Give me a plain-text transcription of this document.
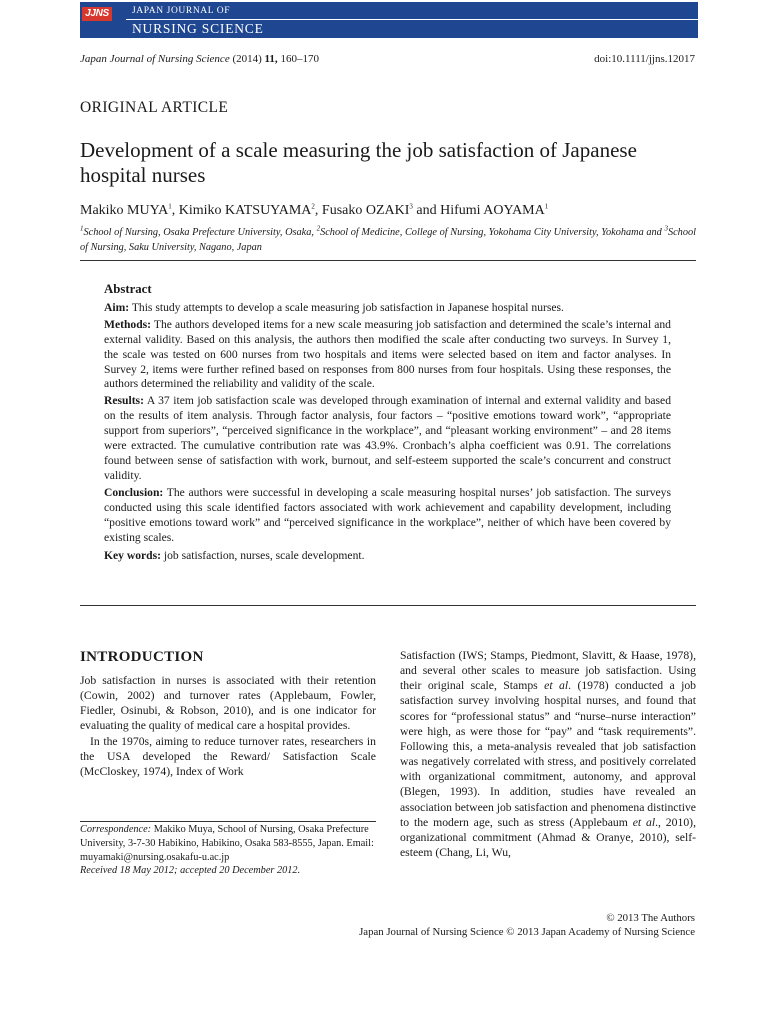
JJNS	JAPAN JOURNAL OF
NURSING SCIENCE
Japan Journal of Nursing Science (2014) 11, 160–170	doi:10.1111/jjns.12017
ORIGINAL ARTICLE
Development of a scale measuring the job satisfaction of Japanese hospital nurses
Makiko MUYA$^1$, Kimiko KATSUYAMA$^2$, Fusako OZAKI$^3$ and Hifumi AOYAMA$^1$
$^1$School of Nursing, Osaka Prefecture University, Osaka, $^2$School of Medicine, College of Nursing, Yokohama City University, Yokohama and $^3$School of Nursing, Saku University, Nagano, Japan
Abstract

Aim: This study attempts to develop a scale measuring job satisfaction in Japanese hospital nurses.

Methods: The authors developed items for a new scale measuring job satisfaction and determined the scale’s internal and external validity. Based on this analysis, the authors then modified the scale after conducting two surveys. In Survey 1, the scale was tested on 600 nurses from two hospitals and items were selected based on item and factor analyses. In Survey 2, items were further refined based on responses from 800 nurses from four hospitals. Using these responses, the authors determined the reliability and validity of the scale.

Results: A 37 item job satisfaction scale was developed through examination of internal and external validity and based on the results of item analysis. Through factor analysis, four factors – “positive emotions toward work”, “appropriate support from superiors”, “perceived significance in the workplace”, and “pleasant working environment” – and 28 items were extracted. The cumulative contribution rate was 43.9%. Cronbach’s alpha coefficient was 0.91. The correlations found between sense of satisfaction with work, burnout, and self-esteem supported the scale’s concurrent and construct validity.

Conclusion: The authors were successful in developing a scale measuring hospital nurses’ job satisfaction. The surveys conducted using this scale identified factors associated with work achievement and capability development, including “positive emotions toward work” and “perceived significance in the workplace”, neither of which have been covered by existing scales.

Key words: job satisfaction, nurses, scale development.

INTRODUCTION

Job satisfaction in nurses is associated with their retention (Cowin, 2002) and turnover rates (Applebaum, Fowler, Fiedler, Osinubi, & Robson, 2010), and is one indicator for evaluating the quality of medical care a hospital provides.

In the 1970s, aiming to reduce turnover rates, researchers in the USA developed the Reward/ Satisfaction Scale (McCloskey, 1974), Index of Work

Satisfaction (IWS; Stamps, Piedmont, Slavitt, & Haase, 1978), and several other scales to measure job satisfaction. Using their original scale, Stamps et al. (1978) conducted a job satisfaction survey involving hospital nurses, and found that scores for “professional status” and “nurse–nurse interaction” were high, as were those for “pay” and “task requirements”. Following this, a meta-analysis revealed that job satisfaction was negatively correlated with stress, and positively correlated with organizational commitment, autonomy, and approval (Blegen, 1993). In addition, studies have revealed an association between job satisfaction and phenomena distinctive to the modern age, such as stress (Applebaum et al., 2010), organizational commitment (Ahmad & Oranye, 2010), self-esteem (Chang, Li, Wu,

Correspondence: Makiko Muya, School of Nursing, Osaka Prefecture University, 3-7-30 Habikino, Habikino, Osaka 583-8555, Japan. Email: muyamaki@nursing.osakafu-u.ac.jp

Received 18 May 2012; accepted 20 December 2012.

© 2013 The Authors
Japan Journal of Nursing Science © 2013 Japan Academy of Nursing Science
